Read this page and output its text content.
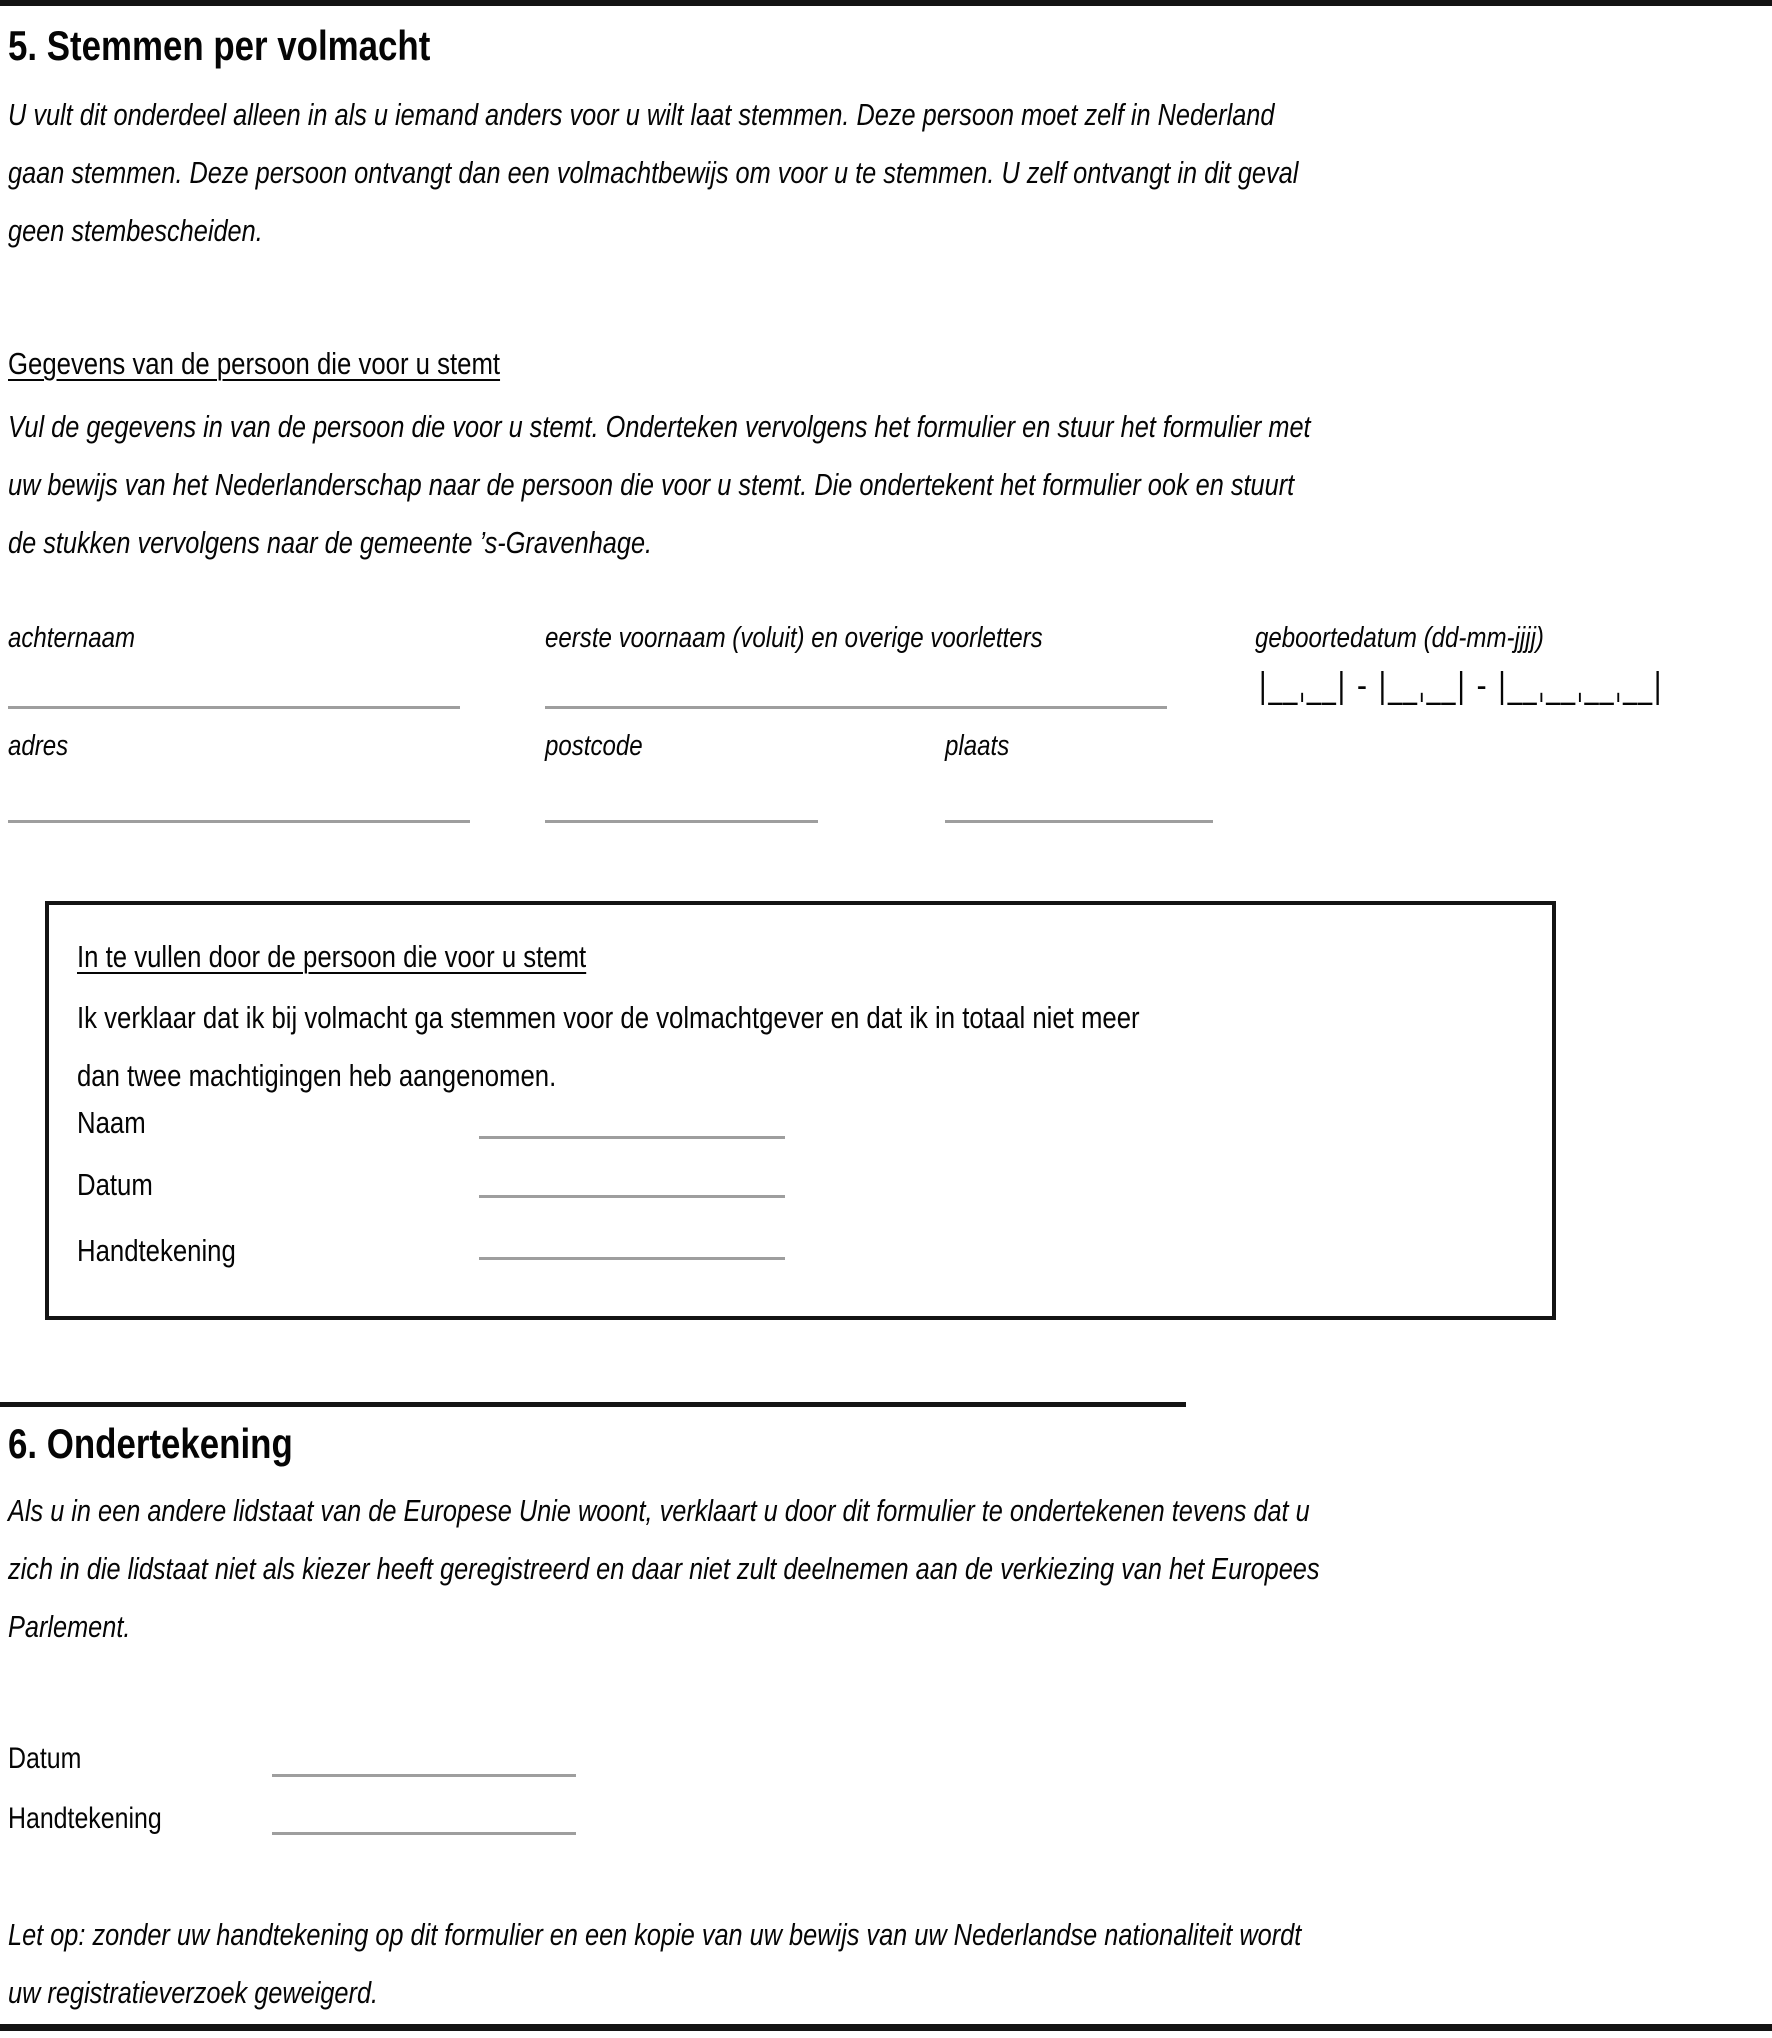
5. Stemmen per volmacht
U vult dit onderdeel alleen in als u iemand anders voor u wilt laat stemmen. Deze persoon moet zelf in Nederland
gaan stemmen. Deze persoon ontvangt dan een volmachtbewijs om voor u te stemmen. U zelf ontvangt in dit geval
geen stembescheiden.
Gegevens van de persoon die voor u stemt
Vul de gegevens in van de persoon die voor u stemt. Onderteken vervolgens het formulier en stuur het formulier met
uw bewijs van het Nederlanderschap naar de persoon die voor u stemt. Die ondertekent het formulier ook en stuurt
de stukken vervolgens naar de gemeente ’s-Gravenhage.
achternaam	eerste voornaam (voluit) en overige voorletters	geboortedatum (dd-mm-jjjj)
|__ˌ__| - |__ˌ__| - |__ˌ__ˌ__ˌ__|
adres	postcode	plaats
In te vullen door de persoon die voor u stemt
Ik verklaar dat ik bij volmacht ga stemmen voor de volmachtgever en dat ik in totaal niet meer
dan twee machtigingen heb aangenomen.
Naam
Datum
Handtekening
6. Ondertekening
Als u in een andere lidstaat van de Europese Unie woont, verklaart u door dit formulier te ondertekenen tevens dat u
zich in die lidstaat niet als kiezer heeft geregistreerd en daar niet zult deelnemen aan de verkiezing van het Europees
Parlement.
Datum
Handtekening
Let op: zonder uw handtekening op dit formulier en een kopie van uw bewijs van uw Nederlandse nationaliteit wordt
uw registratieverzoek geweigerd.
